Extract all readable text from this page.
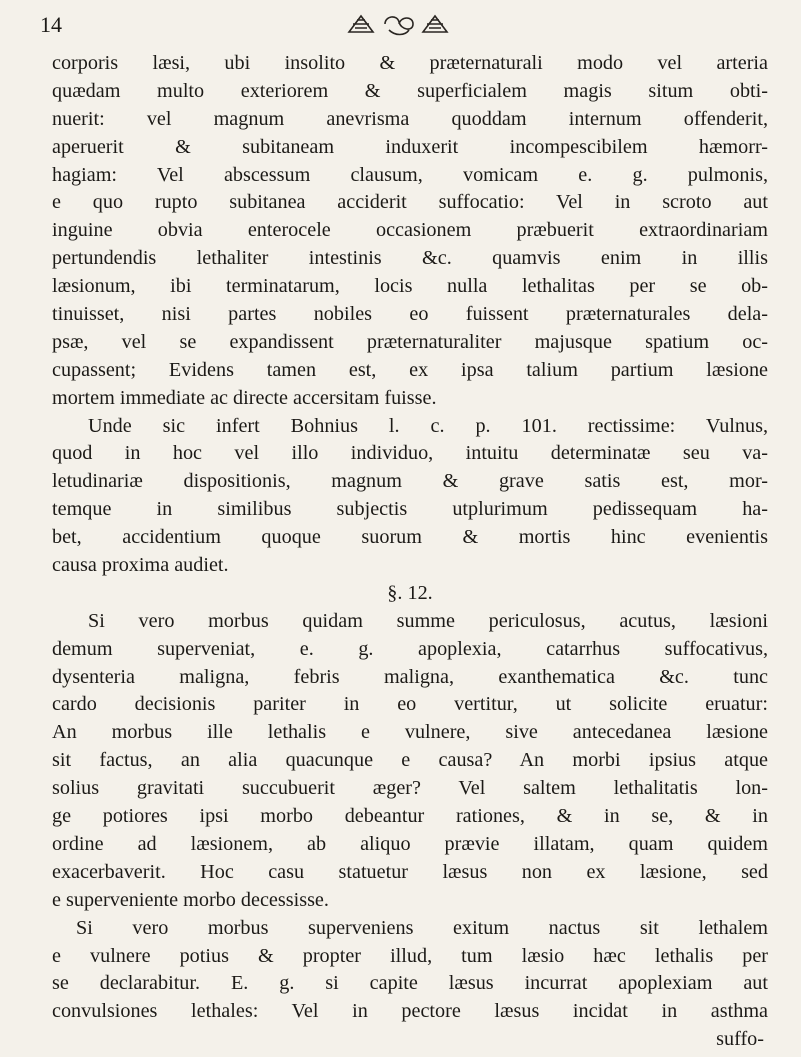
14
corporis læsi, ubi insolito & præternaturali modo vel arteria
quædam multo exteriorem & superficialem magis situm obti-
nuerit: vel magnum anevrisma quoddam internum offenderit,
aperuerit & subitaneam induxerit incompescibilem hæmorr-
hagiam: Vel abscessum clausum, vomicam e. g. pulmonis,
e quo rupto subitanea acciderit suffocatio: Vel in scroto aut
inguine obvia enterocele occasionem præbuerit extraordinariam
pertundendis lethaliter intestinis &c. quamvis enim in illis
læsionum, ibi terminatarum, locis nulla lethalitas per se ob-
tinuisset, nisi partes nobiles eo fuissent præternaturales dela-
psæ, vel se expandissent præternaturaliter majusque spatium oc-
cupassent; Evidens tamen est, ex ipsa talium partium læsione
mortem immediate ac directe accersitam fuisse.
Unde sic infert Bohnius l. c. p. 101. rectissime: Vulnus,
quod in hoc vel illo individuo, intuitu determinatæ seu va-
letudinariæ dispositionis, magnum & grave satis est, mor-
temque in similibus subjectis utplurimum pedissequam ha-
bet, accidentium quoque suorum & mortis hinc evenientis
causa proxima audiet.
§. 12.
Si vero morbus quidam summe periculosus, acutus, læsioni
demum superveniat, e. g. apoplexia, catarrhus suffocativus,
dysenteria maligna, febris maligna, exanthematica &c. tunc
cardo decisionis pariter in eo vertitur, ut solicite eruatur:
An morbus ille lethalis e vulnere, sive antecedanea læsione
sit factus, an alia quacunque e causa? An morbi ipsius atque
solius gravitati succubuerit æger? Vel saltem lethalitatis lon-
ge potiores ipsi morbo debeantur rationes, & in se, & in
ordine ad læsionem, ab aliquo prævie illatam, quam quidem
exacerbaverit. Hoc casu statuetur læsus non ex læsione, sed
e superveniente morbo decessisse.
Si vero morbus superveniens exitum nactus sit lethalem
e vulnere potius & propter illud, tum læsio hæc lethalis per
se declarabitur. E. g. si capite læsus incurrat apoplexiam aut
convulsiones lethales: Vel in pectore læsus incidat in asthma
suffo-
